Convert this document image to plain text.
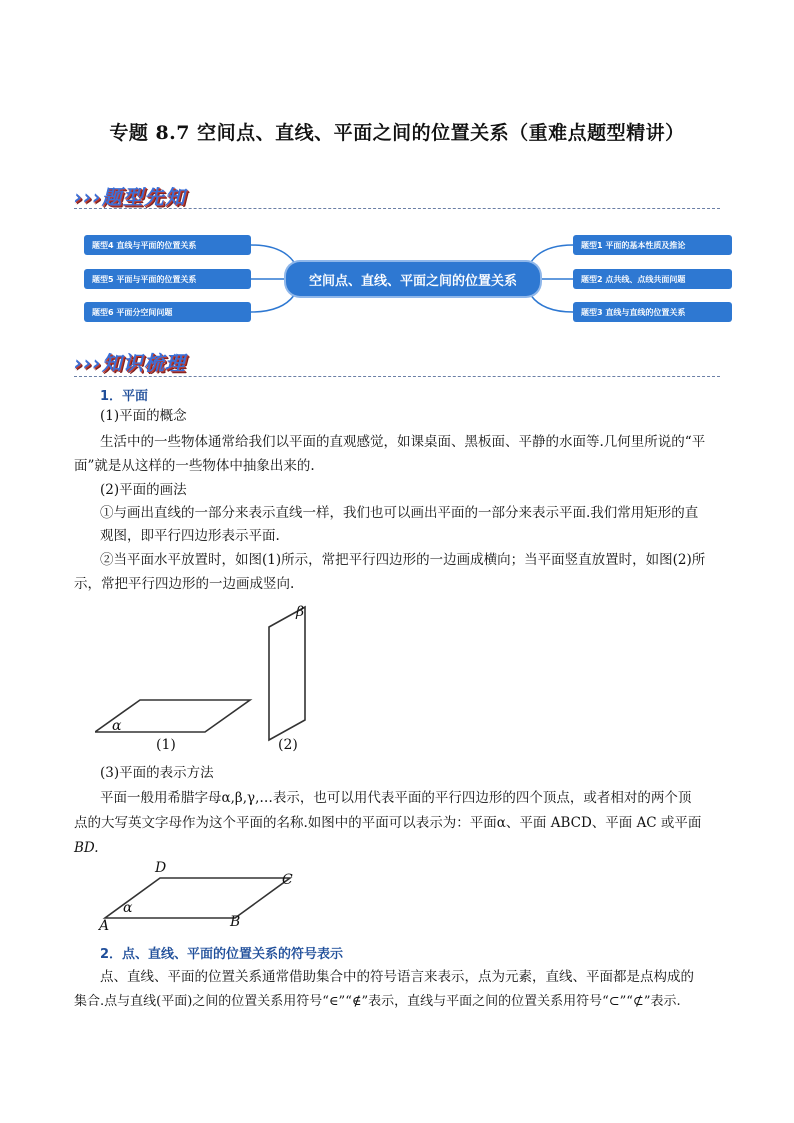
专题 8.7 空间点、直线、平面之间的位置关系（重难点题型精讲）
›››题型先知
题型4 直线与平面的位置关系
题型5 平面与平面的位置关系
题型6 平面分空间问题
空间点、直线、平面之间的位置关系
题型1 平面的基本性质及推论
题型2 点共线、点线共面问题
题型3 直线与直线的位置关系
›››知识梳理
1．平面
(1)平面的概念
生活中的一些物体通常给我们以平面的直观感觉，如课桌面、黑板面、平静的水面等.几何里所说的“平
面”就是从这样的一些物体中抽象出来的.
(2)平面的画法
①与画出直线的一部分来表示直线一样，我们也可以画出平面的一部分来表示平面.我们常用矩形的直
观图，即平行四边形表示平面.
②当平面水平放置时，如图(1)所示，常把平行四边形的一边画成横向；当平面竖直放置时，如图(2)所
示，常把平行四边形的一边画成竖向.
α
β
(1)	(2)
(3)平面的表示方法
平面一般用希腊字母α,β,γ,…表示，也可以用代表平面的平行四边形的四个顶点，或者相对的两个顶
点的大写英文字母作为这个平面的名称.如图中的平面可以表示为：平面α、平面 ABCD、平面 AC 或平面
BD.
D
C
A	B
α
2．点、直线、平面的位置关系的符号表示
点、直线、平面的位置关系通常借助集合中的符号语言来表示，点为元素，直线、平面都是点构成的
集合.点与直线(平面)之间的位置关系用符号“∈”“∉”表示，直线与平面之间的位置关系用符号“⊂”“⊄”表示.
